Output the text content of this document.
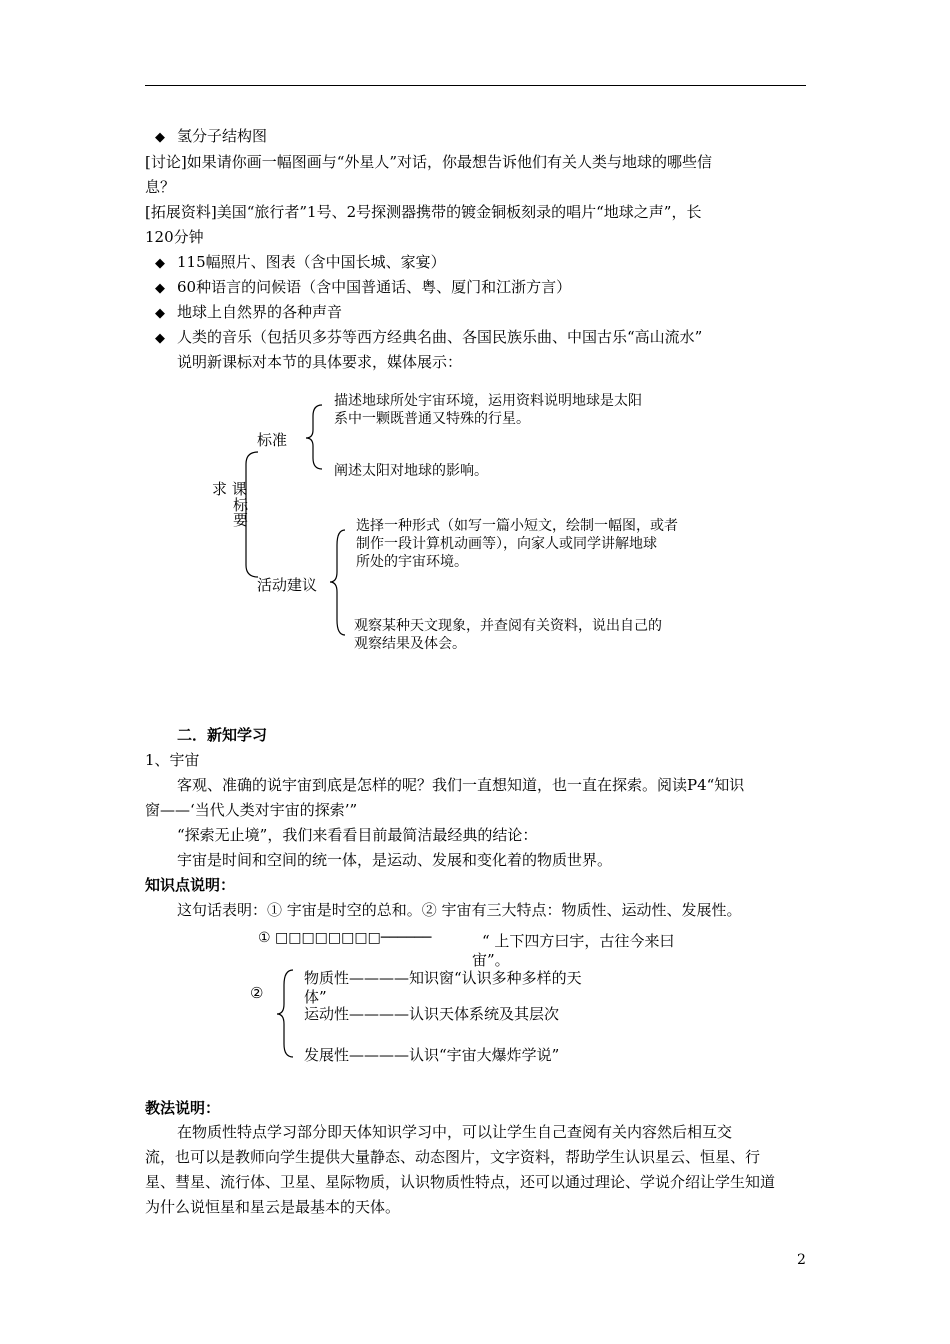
◆ 氢分子结构图
[讨论]如果请你画一幅图画与“外星人”对话，你最想告诉他们有关人类与地球的哪些信
息？
[拓展资料]美国“旅行者”1号、2号探测器携带的镀金铜板刻录的唱片“地球之声”，长
120分钟
◆ 115幅照片、图表（含中国长城、家宴）
◆ 60种语言的问候语（含中国普通话、粤、厦门和江浙方言）
◆ 地球上自然界的各种声音
◆ 人类的音乐（包括贝多芬等西方经典名曲、各国民族乐曲、中国古乐“高山流水”
说明新课标对本节的具体要求，媒体展示：
求 课
标
要
标准
描述地球所处宇宙环境，运用资料说明地球是太阳
系中一颗既普通又特殊的行星。
阐述太阳对地球的影响。
活动建议
选择一种形式（如写一篇小短文，绘制一幅图，或者
制作一段计算机动画等），向家人或同学讲解地球
所处的宇宙环境。
观察某种天文现象，并查阅有关资料，说出自己的
观察结果及体会。
二．新知学习
1、宇宙
客观、准确的说宇宙到底是怎样的呢？我们一直想知道，也一直在探索。阅读P4“知识
窗——‘当代人类对宇宙的探索’”
“探索无止境”，我们来看看目前最简洁最经典的结论：
宇宙是时间和空间的统一体，是运动、发展和变化着的物质世界。
知识点说明：
这句话表明：① 宇宙是时空的总和。② 宇宙有三大特点：物质性、运动性、发展性。
① □□□□□□□□──────	“ 上下四方曰宇，古往今来曰
宙”。
②
物质性————知识窗“认识多种多样的天
体”
运动性————认识天体系统及其层次
发展性————认识“宇宙大爆炸学说”
教法说明：
在物质性特点学习部分即天体知识学习中，可以让学生自己查阅有关内容然后相互交
流，也可以是教师向学生提供大量静态、动态图片，文字资料，帮助学生认识星云、恒星、行
星、彗星、流行体、卫星、星际物质，认识物质性特点，还可以通过理论、学说介绍让学生知道
为什么说恒星和星云是最基本的天体。
2
